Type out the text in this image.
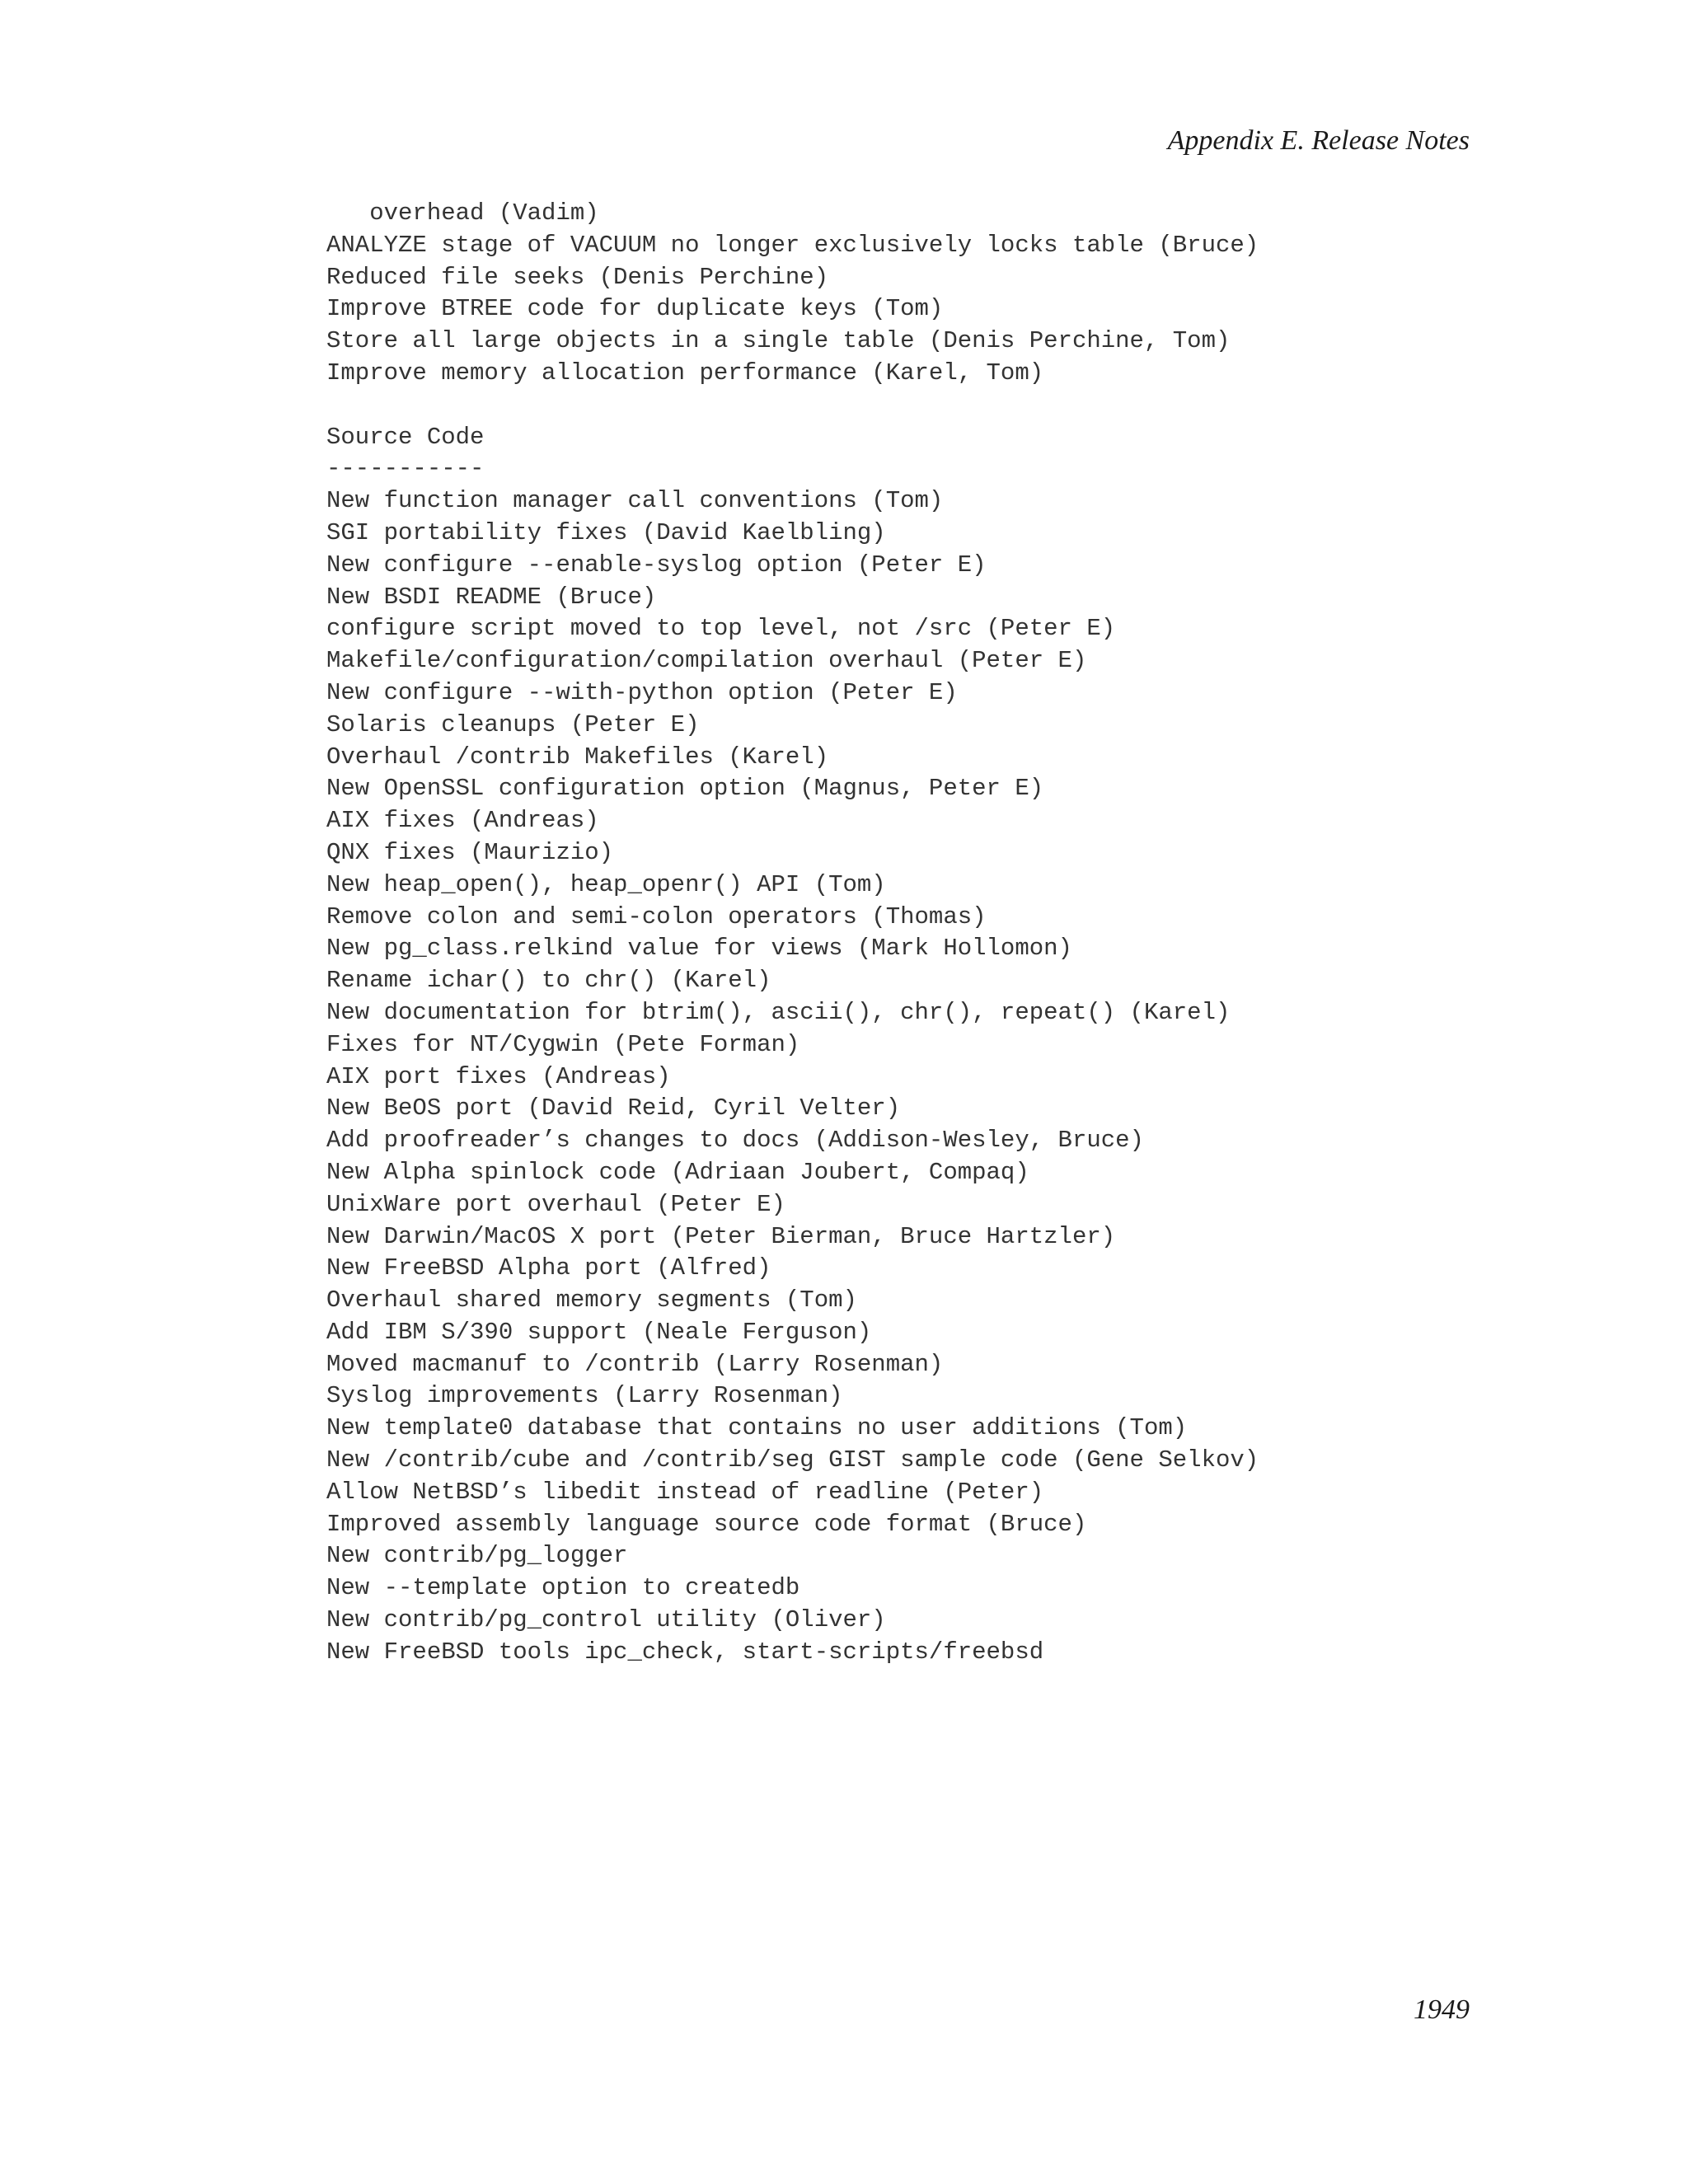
Appendix E. Release Notes
overhead (Vadim)
ANALYZE stage of VACUUM no longer exclusively locks table (Bruce)
Reduced file seeks (Denis Perchine)
Improve BTREE code for duplicate keys (Tom)
Store all large objects in a single table (Denis Perchine, Tom)
Improve memory allocation performance (Karel, Tom)
Source Code
-----------
New function manager call conventions (Tom)
SGI portability fixes (David Kaelbling)
New configure --enable-syslog option (Peter E)
New BSDI README (Bruce)
configure script moved to top level, not /src (Peter E)
Makefile/configuration/compilation overhaul (Peter E)
New configure --with-python option (Peter E)
Solaris cleanups (Peter E)
Overhaul /contrib Makefiles (Karel)
New OpenSSL configuration option (Magnus, Peter E)
AIX fixes (Andreas)
QNX fixes (Maurizio)
New heap_open(), heap_openr() API (Tom)
Remove colon and semi-colon operators (Thomas)
New pg_class.relkind value for views (Mark Hollomon)
Rename ichar() to chr() (Karel)
New documentation for btrim(), ascii(), chr(), repeat() (Karel)
Fixes for NT/Cygwin (Pete Forman)
AIX port fixes (Andreas)
New BeOS port (David Reid, Cyril Velter)
Add proofreader’s changes to docs (Addison-Wesley, Bruce)
New Alpha spinlock code (Adriaan Joubert, Compaq)
UnixWare port overhaul (Peter E)
New Darwin/MacOS X port (Peter Bierman, Bruce Hartzler)
New FreeBSD Alpha port (Alfred)
Overhaul shared memory segments (Tom)
Add IBM S/390 support (Neale Ferguson)
Moved macmanuf to /contrib (Larry Rosenman)
Syslog improvements (Larry Rosenman)
New template0 database that contains no user additions (Tom)
New /contrib/cube and /contrib/seg GIST sample code (Gene Selkov)
Allow NetBSD’s libedit instead of readline (Peter)
Improved assembly language source code format (Bruce)
New contrib/pg_logger
New --template option to createdb
New contrib/pg_control utility (Oliver)
New FreeBSD tools ipc_check, start-scripts/freebsd
1949
